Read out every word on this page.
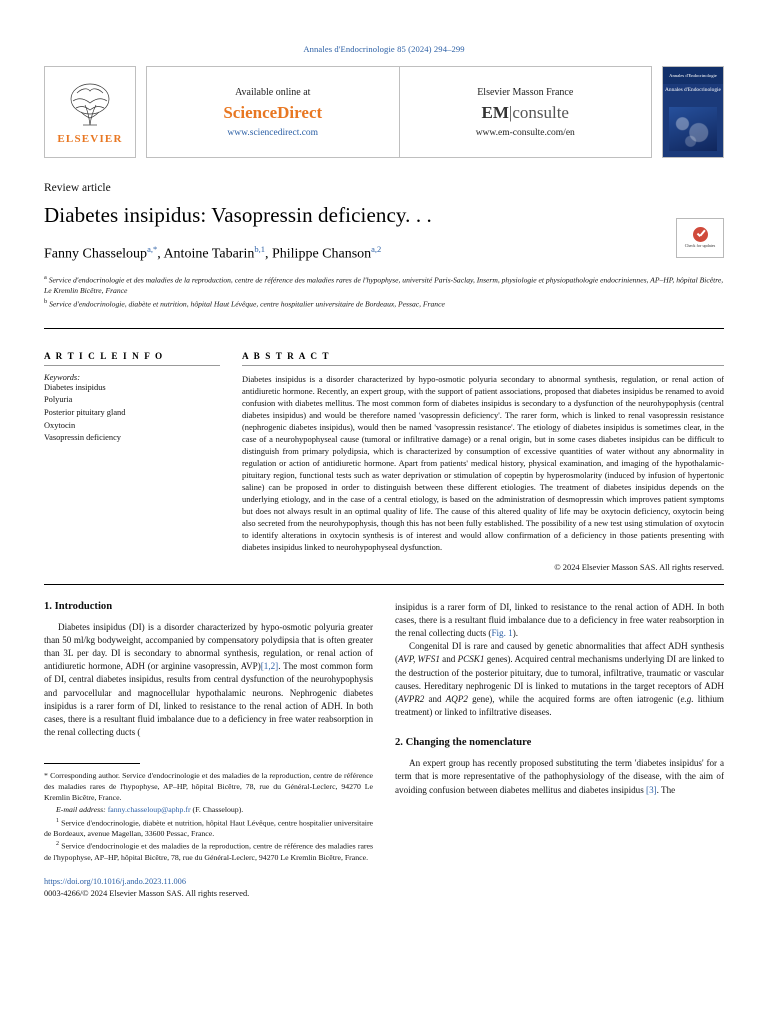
Annales d'Endocrinologie 85 (2024) 294–299
ELSEVIER
Available online at
ScienceDirect
www.sciencedirect.com
Elsevier Masson France
EM|consulte
www.em-consulte.com/en
Annales d'Endocrinologie
Annales d'Endocrinologie
Review article
Diabetes insipidus: Vasopressin deficiency. . .
Fanny Chasseloup$^{a,*}$, Antoine Tabarin$^{b,1}$, Philippe Chanson$^{a,2}$
$^a$ Service d'endocrinologie et des maladies de la reproduction, centre de référence des maladies rares de l'hypophyse, université Paris-Saclay, Inserm, physiologie et physiopathologie endocriniennes, AP–HP, hôpital Bicêtre, Le Kremlin Bicêtre, France
$^b$ Service d'endocrinologie, diabète et nutrition, hôpital Haut Lévêque, centre hospitalier universitaire de Bordeaux, Pessac, France
Check for updates
A R T I C L E I N F O
Keywords:
Diabetes insipidus
Polyuria
Posterior pituitary gland
Oxytocin
Vasopressin deficiency
A B S T R A C T
Diabetes insipidus is a disorder characterized by hypo-osmotic polyuria secondary to abnormal synthesis, regulation, or renal action of antidiuretic hormone. Recently, an expert group, with the support of patient associations, proposed that diabetes insipidus be renamed to avoid confusion with diabetes mellitus. The most common form of diabetes insipidus is secondary to a dysfunction of the neurohypophysis (central diabetes insipidus) and would be therefore named 'vasopressin deficiency'. The rarer form, which is linked to renal vasopressin resistance (nephrogenic diabetes insipidus), would then be named 'vasopressin resistance'. The etiology of diabetes insipidus is sometimes clear, in the case of a neurohypophyseal cause (tumoral or infiltrative damage) or a renal origin, but in some cases diabetes insipidus can be difficult to distinguish from primary polydipsia, which is characterized by consumption of excessive quantities of water without any abnormality in regulation or action of antidiuretic hormone. Apart from patients' medical history, physical examination, and imaging of the hypothalamic-pituitary region, functional tests such as water deprivation or stimulation of copeptin by hyperosmolarity (induced by infusion of hypertonic saline) can be proposed in order to distinguish between these different etiologies. The treatment of diabetes insipidus depends on the underlying etiology, and in the case of a central etiology, is based on the administration of desmopressin which improves patient symptoms but does not always result in an optimal quality of life. The cause of this altered quality of life may be oxytocin deficiency, oxytocin being also secreted from the neurohypophysis, though this has not been fully established. The possibility of a new test using stimulation of oxytocin to identify alterations in oxytocin synthesis is of interest and would allow confirmation of a deficiency in those patients presenting with diabetes insipidus linked to neurohypophyseal dysfunction.
© 2024 Elsevier Masson SAS. All rights reserved.
1. Introduction

Diabetes insipidus (DI) is a disorder characterized by hypo-osmotic polyuria greater than 50 ml/kg bodyweight, accompanied by compensatory polydipsia that is often greater than 3L per day. DI is secondary to abnormal synthesis, regulation, or renal action of antidiuretic hormone, ADH (or arginine vasopressin, AVP)[1,2]. The most common form of DI, central diabetes insipidus, results from central dysfunction of the neurohypophysis and parvocellular and magnocellular hypothalamic neurons. Nephrogenic diabetes insipidus is a rarer form of DI, linked to resistance to the renal action of ADH. In both cases, there is a resultant fluid imbalance due to a deficiency in free water reabsorption in the renal collecting ducts (

* Corresponding author. Service d'endocrinologie et des maladies de la reproduction, centre de référence des maladies rares de l'hypophyse, AP–HP, hôpital Bicêtre, 78, rue du Général-Leclerc, 94270 Le Kremlin Bicêtre, France.
E-mail address: fanny.chasseloup@aphp.fr (F. Chasseloup).
$^1$ Service d'endocrinologie, diabète et nutrition, hôpital Haut Lévêque, centre hospitalier universitaire de Bordeaux, avenue Magellan, 33600 Pessac, France.
$^2$ Service d'endocrinologie et des maladies de la reproduction, centre de référence des maladies rares de l'hypophyse, AP–HP, hôpital Bicêtre, 78, rue du Général-Leclerc, 94270 Le Kremlin Bicêtre, France.
https://doi.org/10.1016/j.ando.2023.11.006
0003-4266/© 2024 Elsevier Masson SAS. All rights reserved.

insipidus is a rarer form of DI, linked to resistance to the renal action of ADH. In both cases, there is a resultant fluid imbalance due to a deficiency in free water reabsorption in the renal collecting ducts (Fig. 1).

Congenital DI is rare and caused by genetic abnormalities that affect ADH synthesis (AVP, WFS1 and PCSK1 genes). Acquired central mechanisms underlying DI are linked to the destruction of the posterior pituitary, due to tumoral, infiltrative, traumatic or vascular causes. Hereditary nephrogenic DI is linked to mutations in the target receptors of ADH (AVPR2 and AQP2 gene), while the acquired forms are often iatrogenic (e.g. lithium treatment) or linked to infiltrative diseases.

2. Changing the nomenclature

An expert group has recently proposed substituting the term 'diabetes insipidus' for a term that is more representative of the pathophysiology of the disease, with the aim of avoiding confusion between diabetes mellitus and diabetes insipidus [3]. The
